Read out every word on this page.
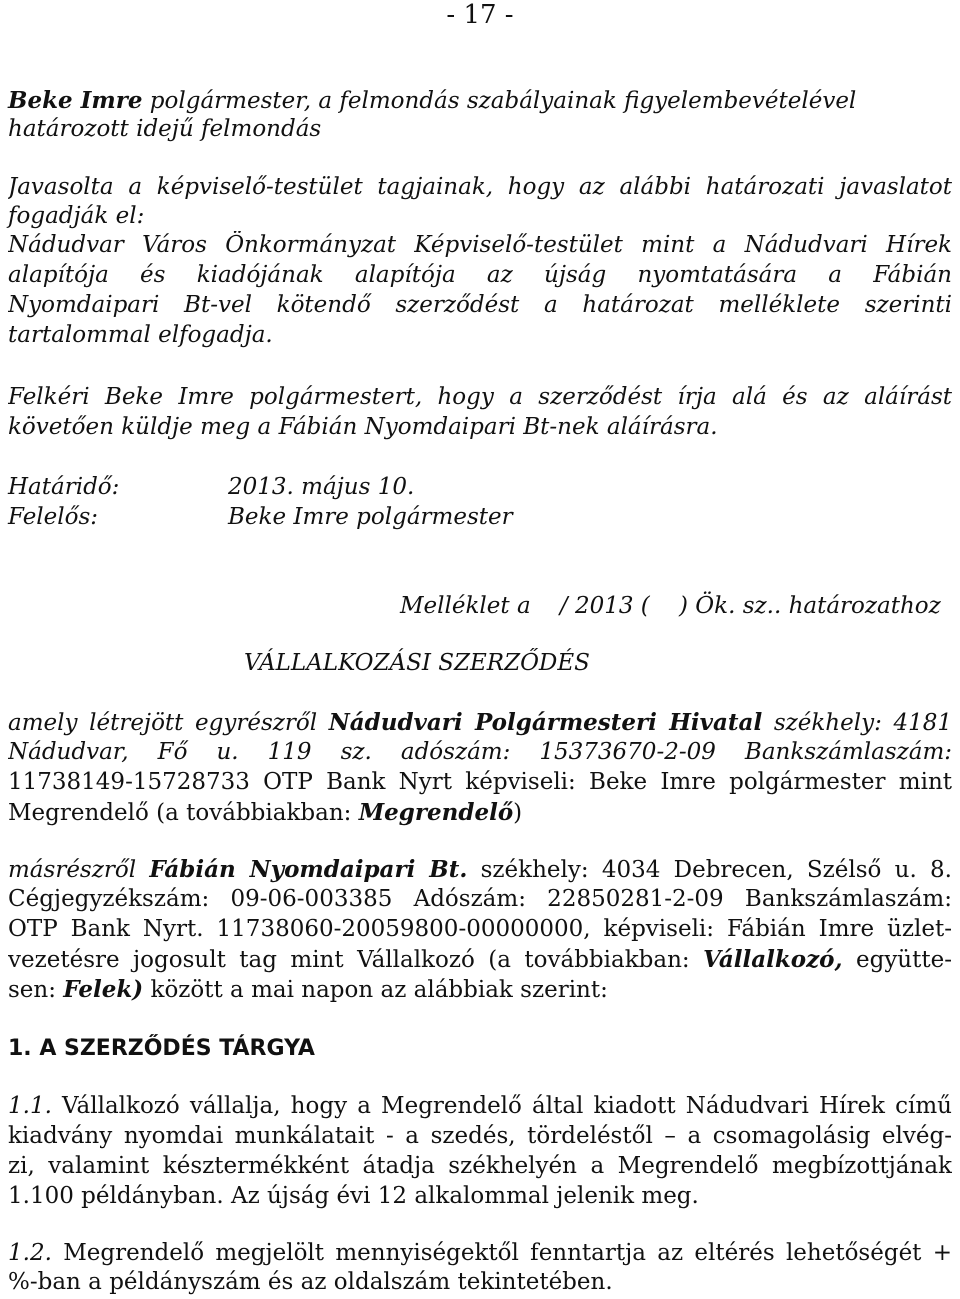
- 17 -
Beke Imre polgármester, a felmondás szabályainak figyelembevételével
határozott idejű felmondás
Javasolta a képviselő-testület tagjainak, hogy az alábbi határozati javaslatot
fogadják el:
Nádudvar Város Önkormányzat Képviselő-testület mint a Nádudvari Hírek
alapítója és kiadójának alapítója az újság nyomtatására a Fábián
Nyomdaipari Bt-vel kötendő szerződést a határozat melléklete szerinti
tartalommal elfogadja.
Felkéri Beke Imre polgármestert, hogy a szerződést írja alá és az aláírást
követően küldje meg a Fábián Nyomdaipari Bt-nek aláírásra.
Határidő:	2013. május 10.
Felelős:	Beke Imre polgármester
Melléklet a    / 2013 (    ) Ök. sz.. határozathoz
VÁLLALKOZÁSI SZERZŐDÉS
amely létrejött egyrészről Nádudvari Polgármesteri Hivatal székhely: 4181
Nádudvar, Fő u. 119 sz. adószám: 15373670-2-09 Bankszámlaszám:
11738149-15728733 OTP Bank Nyrt képviseli: Beke Imre polgármester mint
Megrendelő (a továbbiakban: Megrendelő)
másrészről Fábián Nyomdaipari Bt. székhely: 4034 Debrecen, Szélső u. 8.
Cégjegyzékszám: 09-06-003385 Adószám: 22850281-2-09 Bankszámlaszám:
OTP Bank Nyrt. 11738060-20059800-00000000, képviseli: Fábián Imre üzlet-
vezetésre jogosult tag mint Vállalkozó (a továbbiakban: Vállalkozó, együtte-
sen: Felek) között a mai napon az alábbiak szerint:
1. A SZERZŐDÉS TÁRGYA
1.1. Vállalkozó vállalja, hogy a Megrendelő által kiadott Nádudvari Hírek című
kiadvány nyomdai munkálatait - a szedés, tördeléstől – a csomagolásig elvég-
zi, valamint késztermékként átadja székhelyén a Megrendelő megbízottjának
1.100 példányban. Az újság évi 12 alkalommal jelenik meg.
1.2. Megrendelő megjelölt mennyiségektől fenntartja az eltérés lehetőségét +
%-ban a példányszám és az oldalszám tekintetében.
